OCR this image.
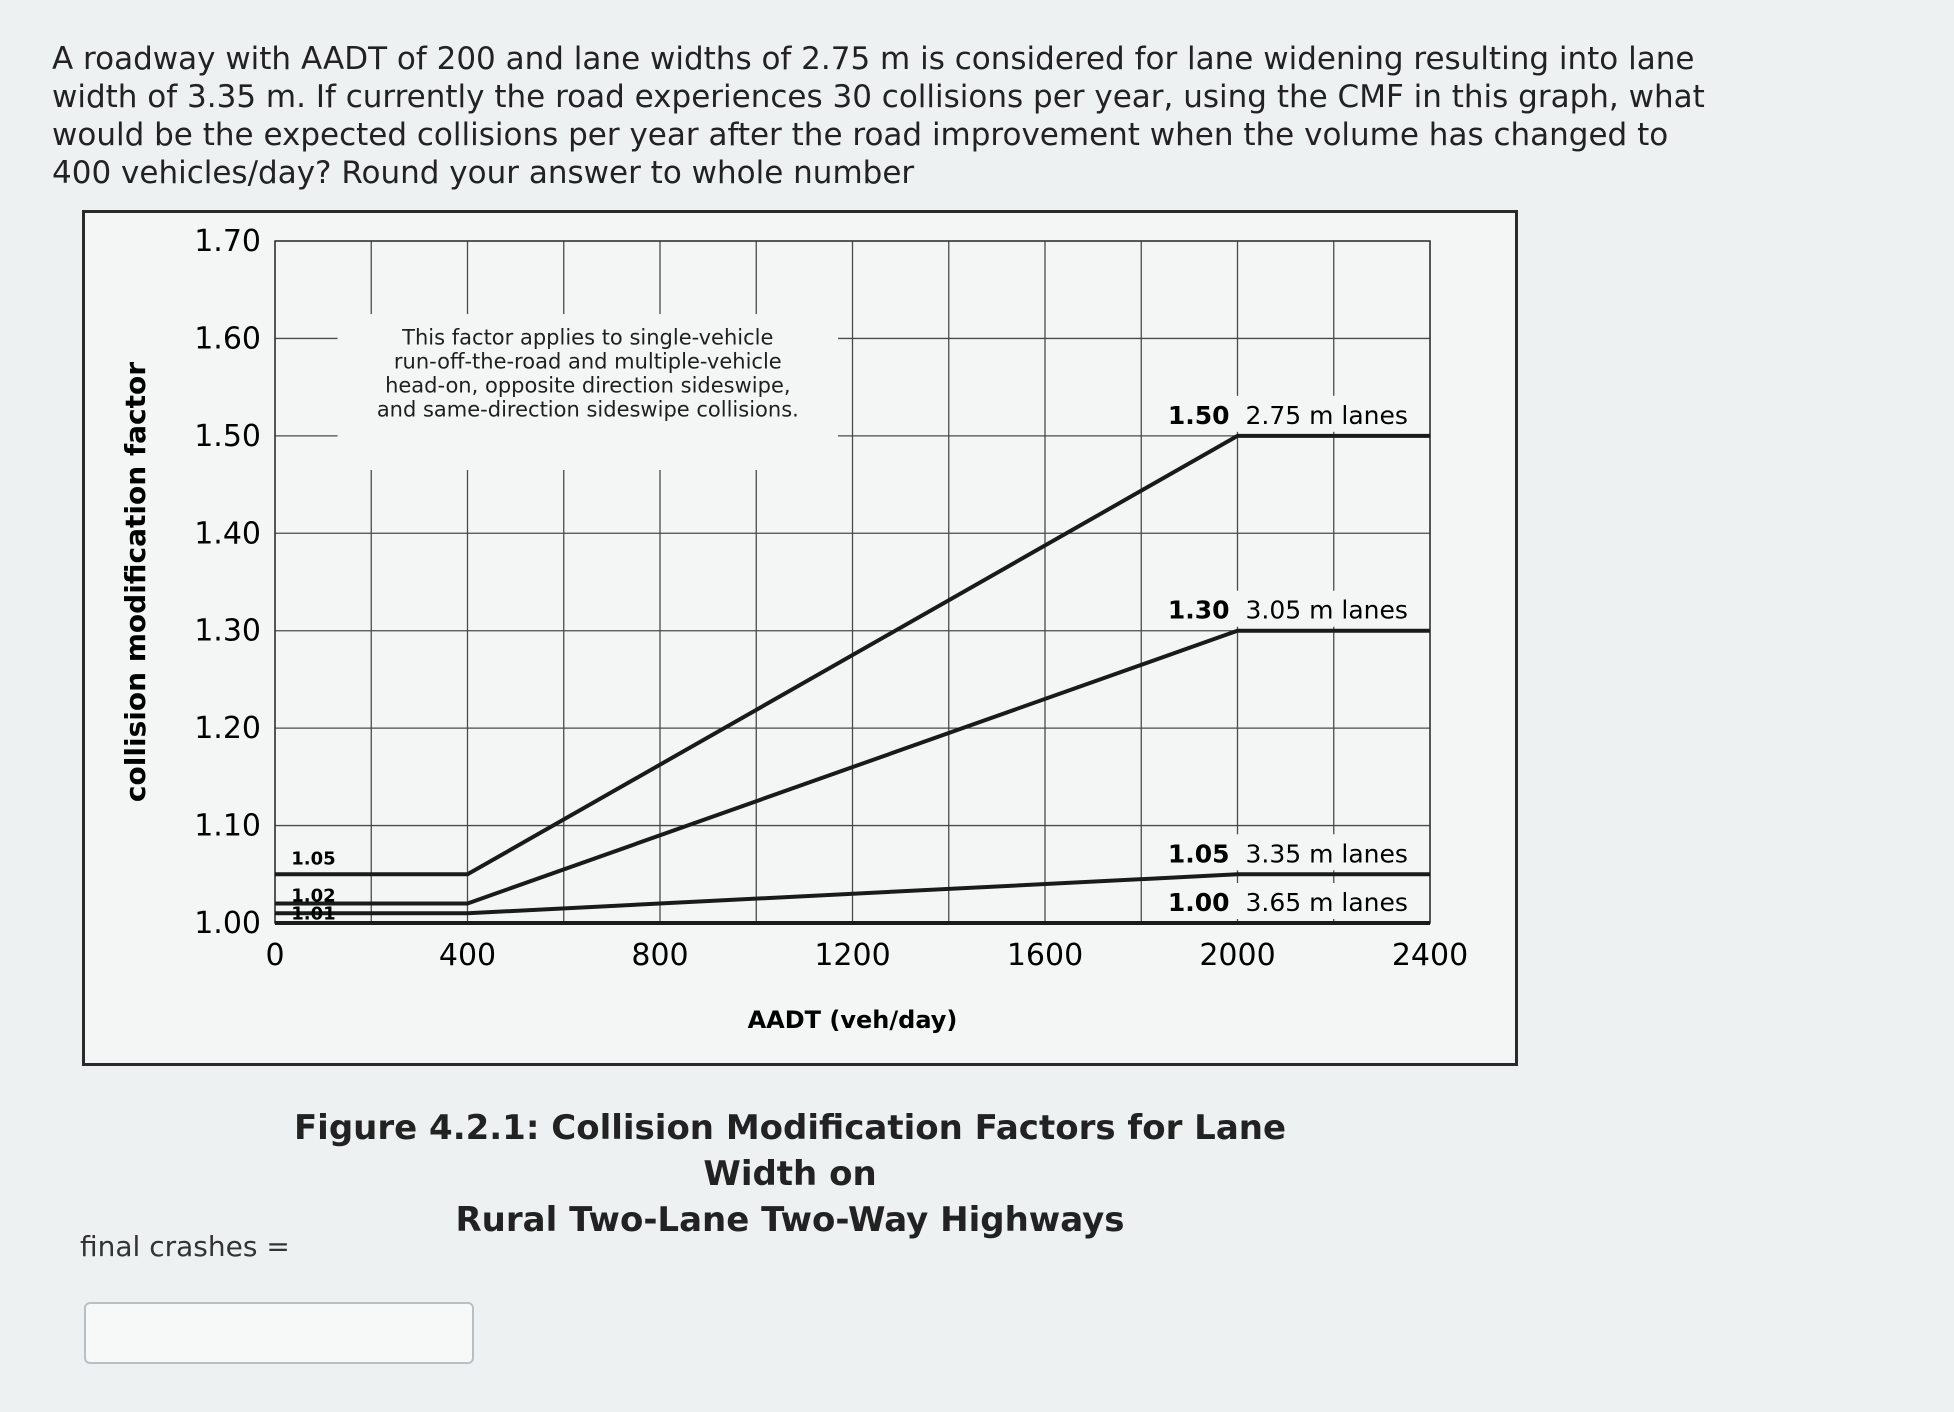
A roadway with AADT of 200 and lane widths of 2.75 m is considered for lane widening resulting into lane width of 3.35 m. If currently the road experiences 30 collisions per year, using the CMF in this graph, what would be the expected collisions per year after the road improvement when the volume has changed to 400 vehicles/day? Round your answer to whole number

This factor applies to single-vehicle run-off-the-road and multiple-vehicle head-on, opposite direction sideswipe, and same-direction sideswipe collisions.	1.50 2.75 m lanes
1.30 3.05 m lanes
1.05 3.35 m lanes
1.00 3.65 m lanes
1.05
1.02
1.01
AADT (veh/day)
collision modification factor
1.00
1.10
1.20
1.30
1.40
1.50
1.60
1.70
0	400	800	1200	1600	2000	2400
Figure 4.2.1: Collision Modification Factors for Lane Width on
Rural Two-Lane Two-Way Highways
final crashes =
